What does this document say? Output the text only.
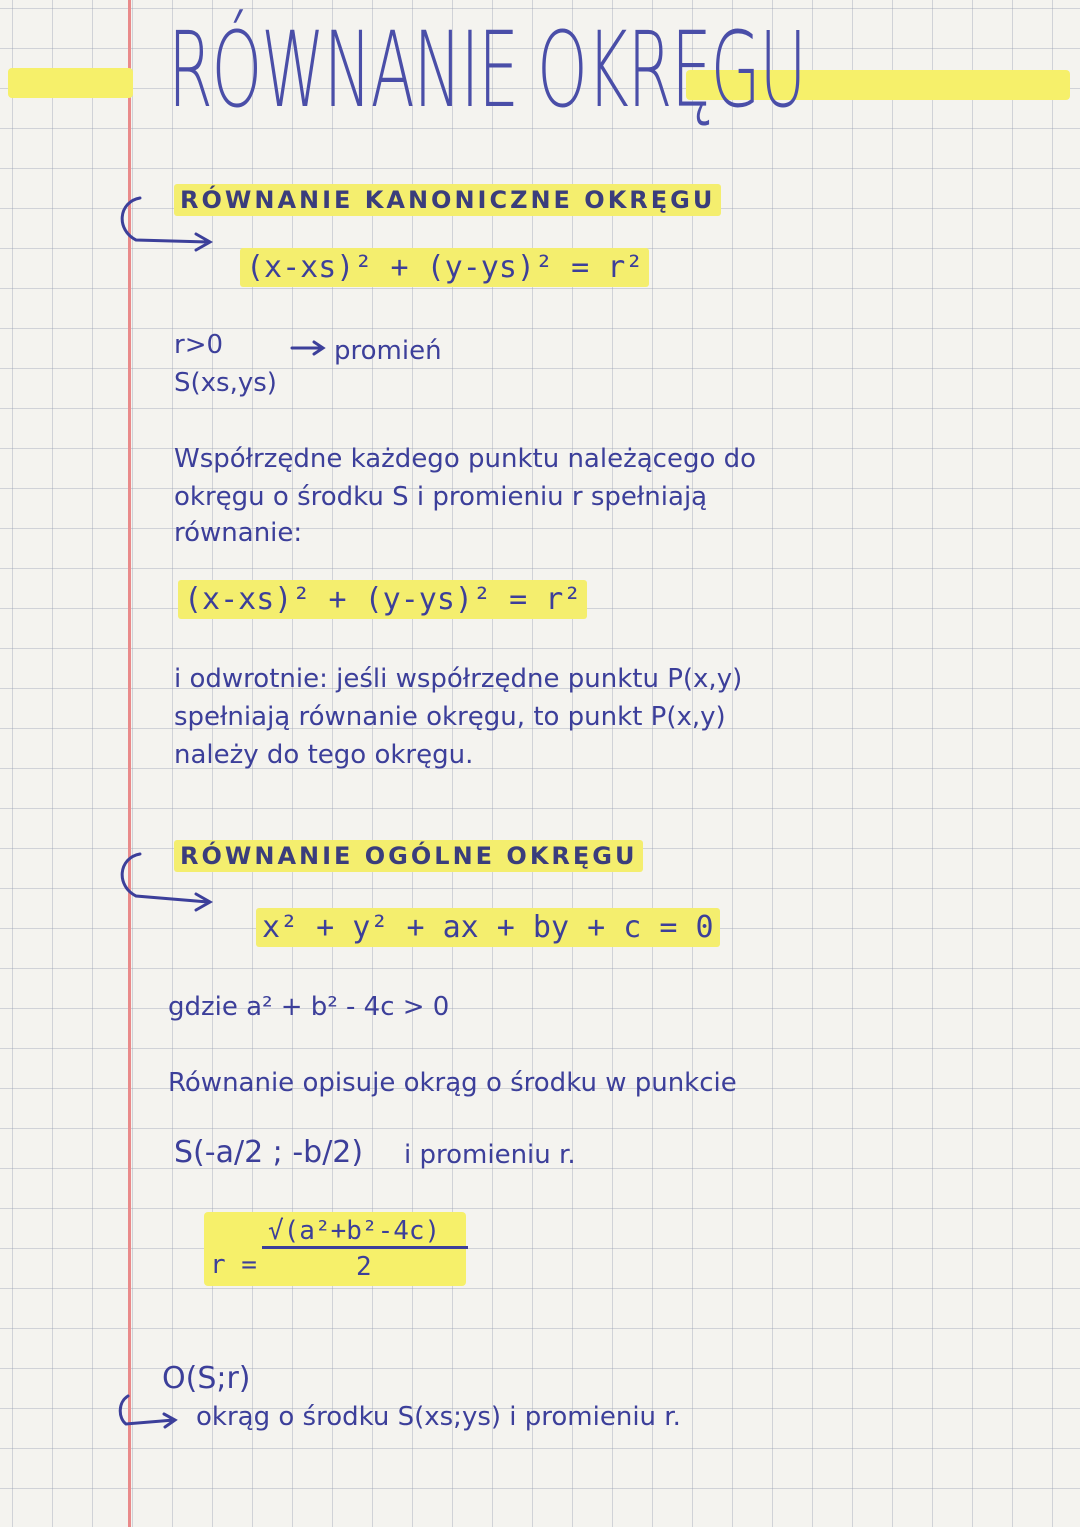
RÓWNANIE OKRĘGU
RÓWNANIE KANONICZNE OKRĘGU
(x-xs)² + (y-ys)² = r²
r>0	promień
S(xs,ys)
Współrzędne każdego punktu należącego do
okręgu o środku S i promieniu r spełniają
równanie:
(x-xs)² + (y-ys)² = r²
i odwrotnie: jeśli współrzędne punktu P(x,y)
spełniają równanie okręgu, to punkt P(x,y)
należy do tego okręgu.
RÓWNANIE OGÓLNE OKRĘGU
x² + y² + ax + by + c = 0
gdzie a² + b² - 4c > 0
Równanie opisuje okrąg o środku w punkcie
S(-a/2 ; -b/2) i promieniu r.
√(a²+b²-4c)
r =	2
O(S;r)
okrąg o środku S(xs;ys) i promieniu r.
